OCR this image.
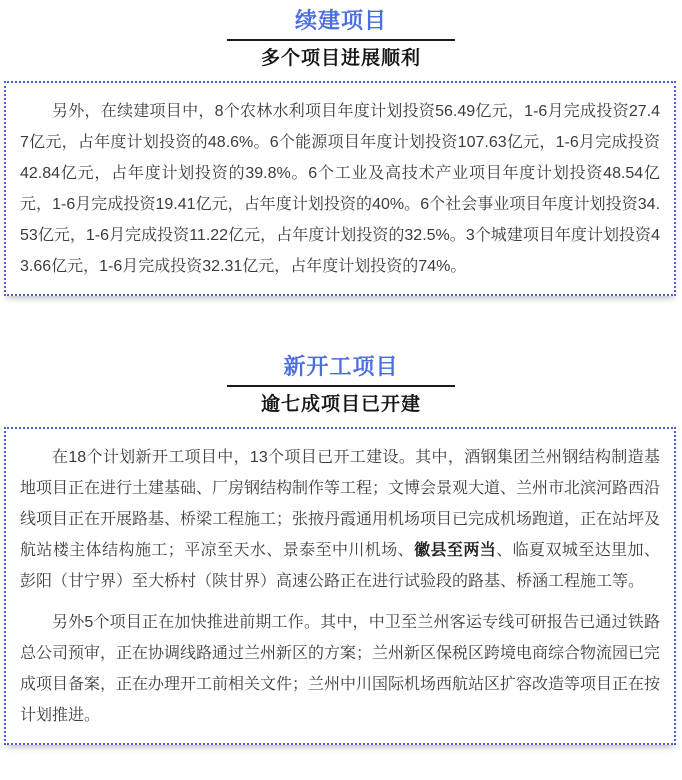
续建项目
多个项目进展顺利

另外，在续建项目中，8个农林水利项目年度计划投资56.49亿元，1-6月完成投资27.47亿元，占年度计划投资的48.6%。6个能源项目年度计划投资107.63亿元，1-6月完成投资42.84亿元，占年度计划投资的39.8%。6个工业及高技术产业项目年度计划投资48.54亿元，1-6月完成投资19.41亿元，占年度计划投资的40%。6个社会事业项目年度计划投资34.53亿元，1-6月完成投资11.22亿元，占年度计划投资的32.5%。3个城建项目年度计划投资43.66亿元，1-6月完成投资32.31亿元，占年度计划投资的74%。

新开工项目
逾七成项目已开建

在18个计划新开工项目中，13个项目已开工建设。其中，酒钢集团兰州钢结构制造基地项目正在进行土建基础、厂房钢结构制作等工程；文博会景观大道、兰州市北滨河路西沿线项目正在开展路基、桥梁工程施工；张掖丹霞通用机场项目已完成机场跑道，正在站坪及航站楼主体结构施工；平凉至天水、景泰至中川机场、徽县至两当、临夏双城至达里加、彭阳（甘宁界）至大桥村（陕甘界）高速公路正在进行试验段的路基、桥涵工程施工等。

另外5个项目正在加快推进前期工作。其中，中卫至兰州客运专线可研报告已通过铁路总公司预审，正在协调线路通过兰州新区的方案；兰州新区保税区跨境电商综合物流园已完成项目备案，正在办理开工前相关文件；兰州中川国际机场西航站区扩容改造等项目正在按计划推进。
